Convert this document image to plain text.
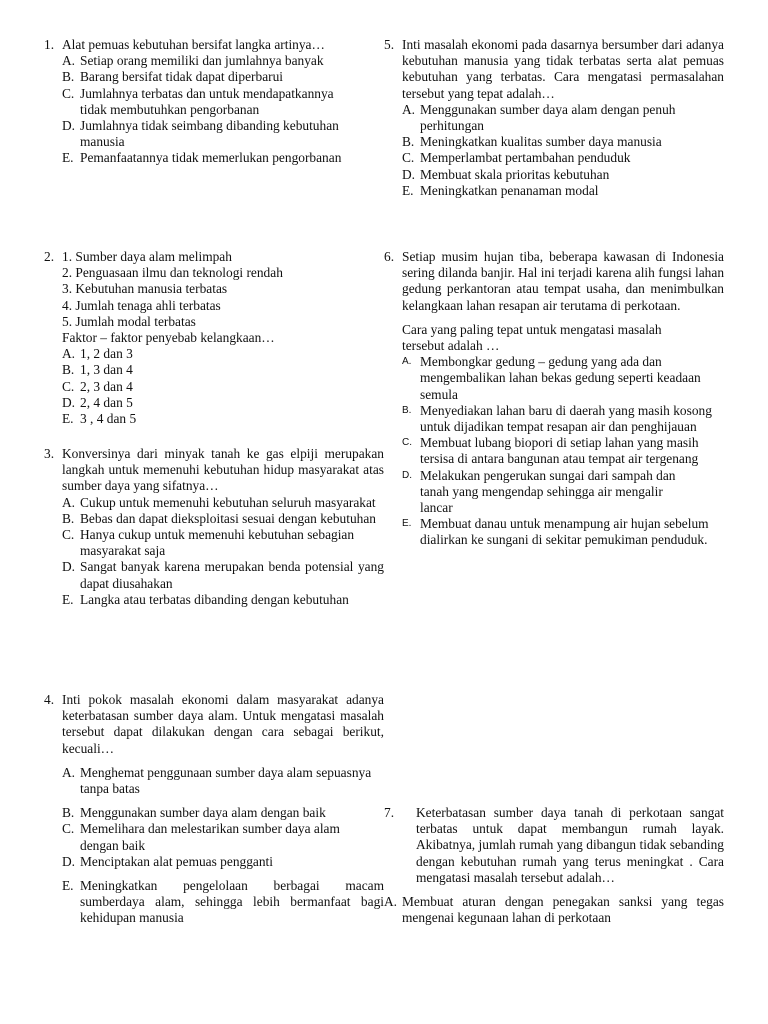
1. Alat pemuas kebutuhan bersifat langka artinya…
A. Setiap orang memiliki dan jumlahnya banyak
B. Barang bersifat tidak dapat diperbarui
C. Jumlahnya terbatas dan untuk mendapatkannya tidak membutuhkan pengorbanan
D. Jumlahnya tidak seimbang dibanding kebutuhan manusia
E. Pemanfaatannya tidak memerlukan pengorbanan
2. 1. Sumber daya alam melimpah
2. Penguasaan ilmu dan teknologi rendah
3. Kebutuhan manusia terbatas
4. Jumlah tenaga ahli terbatas
5. Jumlah modal terbatas
Faktor – faktor penyebab kelangkaan…
A. 1, 2 dan 3
B. 1, 3 dan 4
C. 2, 3 dan 4
D. 2, 4 dan 5
E. 3 , 4 dan 5
3. Konversinya dari minyak tanah ke gas elpiji merupakan langkah untuk memenuhi kebutuhan hidup masyarakat atas sumber daya yang sifatnya…
A. Cukup untuk memenuhi kebutuhan seluruh masyarakat
B. Bebas dan dapat dieksploitasi sesuai dengan kebutuhan
C. Hanya cukup untuk memenuhi kebutuhan sebagian masyarakat saja
D. Sangat banyak karena merupakan benda potensial yang dapat diusahakan
E. Langka atau terbatas dibanding dengan kebutuhan
4. Inti pokok masalah ekonomi dalam masyarakat adanya keterbatasan sumber daya alam. Untuk mengatasi masalah tersebut dapat dilakukan dengan cara sebagai berikut, kecuali…
A. Menghemat penggunaan sumber daya alam sepuasnya tanpa batas
B. Menggunakan sumber daya alam dengan baik
C. Memelihara dan melestarikan sumber daya alam dengan baik
D. Menciptakan alat pemuas pengganti
E. Meningkatkan pengelolaan berbagai macam sumberdaya alam, sehingga lebih bermanfaat bagi kehidupan manusia
5. Inti masalah ekonomi pada dasarnya bersumber dari adanya kebutuhan manusia yang tidak terbatas serta alat pemuas kebutuhan yang terbatas. Cara mengatasi permasalahan tersebut yang tepat adalah…
A. Menggunakan sumber daya alam dengan penuh perhitungan
B. Meningkatkan kualitas sumber daya manusia
C. Memperlambat pertambahan penduduk
D. Membuat skala prioritas kebutuhan
E. Meningkatkan penanaman modal
6. Setiap musim hujan tiba, beberapa kawasan di Indonesia sering dilanda banjir. Hal ini terjadi karena alih fungsi lahan gedung perkantoran atau tempat usaha, dan menimbulkan kelangkaan lahan resapan air terutama di perkotaan.
Cara yang paling tepat untuk mengatasi masalah tersebut adalah …
A. Membongkar gedung – gedung yang ada dan mengembalikan lahan bekas gedung seperti keadaan semula
B. Menyediakan lahan baru di daerah yang masih kosong untuk dijadikan tempat resapan air dan penghijauan
C. Membuat lubang biopori di setiap lahan yang masih tersisa di antara bangunan atau tempat air tergenang
D. Melakukan pengerukan sungai dari sampah dan tanah yang mengendap sehingga air mengalir lancar
E. Membuat danau untuk menampung air hujan sebelum dialirkan ke sungani di sekitar pemukiman penduduk.
7.	Keterbatasan sumber daya tanah di perkotaan sangat terbatas untuk dapat membangun rumah layak. Akibatnya, jumlah rumah yang dibangun tidak sebanding dengan kebutuhan rumah yang terus meningkat . Cara mengatasi masalah tersebut adalah…
A. Membuat aturan dengan penegakan sanksi yang tegas mengenai kegunaan lahan di perkotaan
